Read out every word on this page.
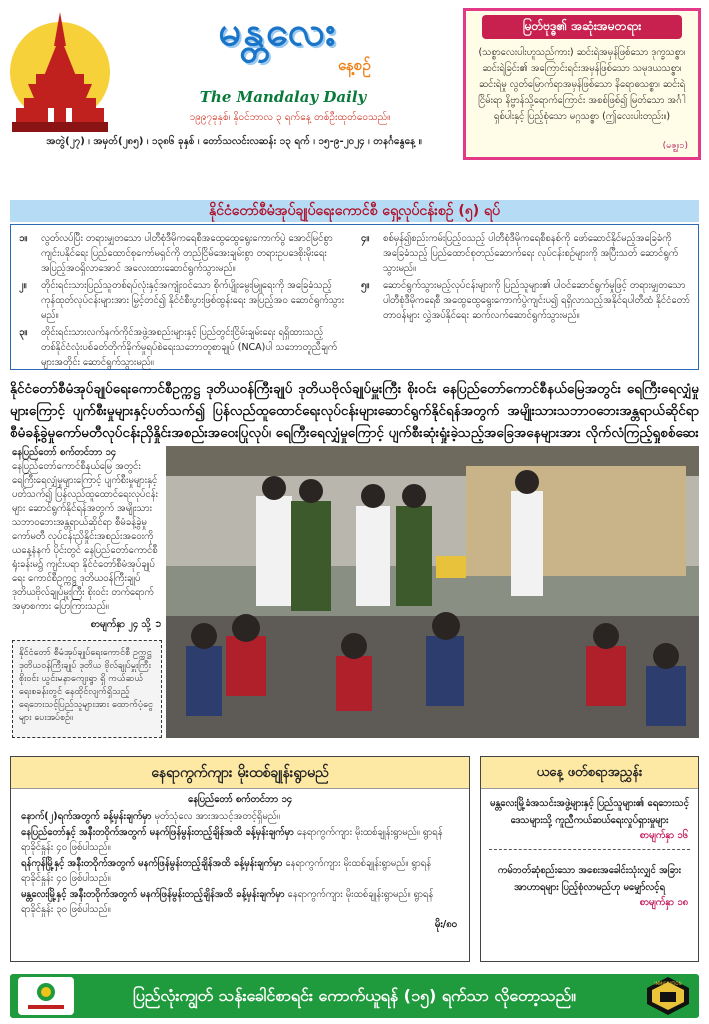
မန္တလေး
နေ့စဉ်
The Mandalay Daily
၁၉၉၇ခုနှစ်၊ နိုဝင်ဘာလ ၃ ရက်နေ့ တစ်ဦးထုတ်ဝေသည်။
အတွဲ(၂၇) ၊ အမှတ်(၂၈၅) ၊ ၁၃၈၆ ခုနှစ် ၊ တော်သလင်းလဆန်း ၁၃ ရက် ၊ ၁၅-၉-၂၀၂၄ ၊ တနင်္ဂနွေနေ့ ။
မြတ်ဗုဒ္ဓ၏ အဆုံးအမတရား
(သစ္စာလေးပါးဟူသည်ကား) ဆင်းရဲအမှန်ဖြစ်သော ဒုက္ခသစ္စာ၊ ဆင်းရဲခြင်း၏ အကြောင်းရင်းအမှန်ဖြစ်သော သမုဒယသစ္စာ၊ ဆင်းရဲမှု လွတ်မြောက်ရာအမှန်ဖြစ်သော နိရောဓသစ္စာ၊ ဆင်းရဲငြိမ်းရာ နိဗ္ဗာန်သို့ရောက်ကြောင်း အစစ်ဖြစ်၍ မြတ်သော အင်္ဂါရှစ်ပါးနှင့် ပြည့်စုံသော မဂ္ဂသစ္စာ (ဤလေးပါးတည်း။)
(မဇ္ဈ၊၁)
နိုင်ငံတော်စီမံအုပ်ချုပ်ရေးကောင်စီ ရှေ့လုပ်ငန်းစဉ် (၅) ရပ်

၁။	လွတ်လပ်ပြီး တရားမျှတသော ပါတီစုံဒီမိုကရေစီအထွေထွေရွေးကောက်ပွဲ အောင်မြင်စွာ ကျင်းပနိုင်ရေး ပြည်ထောင်စုကော်မရှင်ကို တည်ငြိမ်အေးချမ်းစွာ တရားဥပဒေစိုးမိုးရေး အပြည့်အဝရှိလာအောင် အလေးထားဆောင်ရွက်သွားမည်။

၂။	တိုင်းရင်းသားပြည်သူတစ်ရပ်လုံးနှင့်အကျုံးဝင်သော စိုက်ပျိုးမွေးမြူရေးကို အခြေခံသည့် ကုန်ထုတ်လုပ်ငန်းများအား မြှင့်တင်၍ နိုင်ငံစီးပွားဖြစ်ထွန်းရေး အပြည့်အဝ ဆောင်ရွက်သွားမည်။

၃။	တိုင်းရင်းသားလက်နက်ကိုင်အဖွဲ့အစည်းများနှင့် ပြည်တွင်းငြိမ်းချမ်းရေး ရရှိထားသည့် တစ်နိုင်ငံလုံးပစ်ခတ်တိုက်ခိုက်မှုရပ်စဲရေးသဘောတူစာချုပ် (NCA)ပါ သဘောတူညီချက်များအတိုင်း ဆောင်ရွက်သွားမည်။

၄။	စစ်မှန်၍စည်းကမ်းပြည့်ဝသည့် ပါတီစုံဒီမိုကရေစီစနစ်ကို ဖော်ဆောင်နိုင်မည့်အခြေခံကို အခြေခံသည့် ပြည်ထောင်စုတည်ဆောက်ရေး လုပ်ငန်းစဉ်များကို အပြီးသတ် ဆောင်ရွက်သွားမည်။

၅။	ဆောင်ရွက်သွားမည့်လုပ်ငန်းများကို ပြည်သူများ၏ ပါဝင်ဆောင်ရွက်မှုဖြင့် တရားမျှတသော ပါတီစုံဒီမိုကရေစီ အထွေထွေရွေးကောက်ပွဲကျင်းပ၍ ရရှိလာသည့်အနိုင်ရပါတီထံ နိုင်ငံတော်တာဝန်များ လွှဲအပ်နိုင်ရေး ဆက်လက်ဆောင်ရွက်သွားမည်။

နိုင်ငံတော်စီမံအုပ်ချုပ်ရေးကောင်စီဥက္ကဋ္ဌ ဒုတိယဝန်ကြီးချုပ် ဒုတိယဗိုလ်ချုပ်မှူးကြီး စိုးဝင်း နေပြည်တော်ကောင်စီနယ်မြေအတွင်း ရေကြီးရေလျှံမှုများကြောင့် ပျက်စီးမှုများနှင့်ပတ်သက်၍ ပြန်လည်ထူထောင်ရေးလုပ်ငန်းများဆောင်ရွက်နိုင်ရန်အတွက် အမျိုးသားသဘာဝဘေးအန္တရာယ်ဆိုင်ရာ စီမံခန့်ခွဲမှုကော်မတီလုပ်ငန်းညှိနှိုင်းအစည်းအဝေးပြုလုပ်၊ ရေကြီးရေလျှံမှုကြောင့် ပျက်စီးဆုံးရှုံးခဲ့သည့်အခြေအနေများအား လိုက်လံကြည့်ရှုစစ်ဆေး
နေပြည်တော် စက်တင်ဘာ ၁၄ နေပြည်တော်ကောင်စီနယ်မြေ အတွင်း ရေကြီးရေလျှံမှုများကြောင့် ပျက်စီးမှုများနှင့်ပတ်သက်၍ ပြန်လည်ထူထောင်ရေးလုပ်ငန်းများ ဆောင်ရွက်နိုင်ရန်အတွက် အမျိုးသားသဘာဝဘေးအန္တရာယ်ဆိုင်ရာ စီမံခန့်ခွဲမှုကော်မတီ လုပ်ငန်းညှိနှိုင်းအစည်းအဝေးကို ယနေ့နံနက် ပိုင်းတွင် နေပြည်တော်ကောင်စီရုံးခန်းမ၌ ကျင်းပရာ နိုင်ငံတော်စီမံအုပ်ချုပ်ရေး ကောင်စီဥက္ကဋ္ဌ ဒုတိယဝန်ကြီးချုပ် ဒုတိယဗိုလ်ချုပ်မှူးကြီး စိုးဝင်း တက်ရောက်အမှာစကား ပြောကြားသည်။
စာမျက်နှာ ၂၄ သို့ ➲
နိုင်ငံတော် စီမံအုပ်ချုပ်ရေးကောင်စီ ဥက္ကဋ္ဌ ဒုတိယဝန်ကြီးချုပ် ဒုတိယ ဗိုလ်ချုပ်မှူးကြီး စိုးဝင်း ယွင်းမနာကျေးရွာ ရှိ ကယ်ဆယ်ရေးစခန်းတွင် နေထိုင်လျက်ရှိသည့် ရေဘေးသင့်ပြည်သူများအား ထောက်ပံ့ငွေများ ပေးအပ်စဉ်။
နေရာကွက်ကျား မိုးထစ်ချုန်းရွာမည်
နေပြည်တော် စက်တင်ဘာ ၁၄

နောက်(၂)ရက်အတွက် ခန့်မှန်းချက်မှာ မုတ်သုံလေ အားအသင့်အတင့်ရှိမည်။

နေပြည်တော်နှင့် အနီးတဝိုက်အတွက် မနက်ဖြန်မွန်းတည့်ချိန်အထိ ခန့်မှန်းချက်မှာ နေရာကွက်ကျား မိုးထစ်ချုန်းရွာမည်။ ရွာရန်ရာခိုင်နှုန်း ၄၀ ဖြစ်ပါသည်။

ရန်ကုန်မြို့နှင့် အနီးတဝိုက်အတွက် မနက်ဖြန်မွန်းတည့်ချိန်အထိ ခန့်မှန်းချက်မှာ နေရာကွက်ကျား မိုးထစ်ချုန်းရွာမည်။ ရွာရန်ရာခိုင်နှုန်း ၄၀ ဖြစ်ပါသည်။

မန္တလေးမြို့နှင့် အနီးတဝိုက်အတွက် မနက်ဖြန်မွန်းတည့်ချိန်အထိ ခန့်မှန်းချက်မှာ နေရာကွက်ကျား မိုးထစ်ချုန်းရွာမည်။ ရွာရန်ရာခိုင်နှုန်း ၃၀ ဖြစ်ပါသည်။

မိုး/၈၀
ယနေ့ ဖတ်စရာအညွှန်း
မန္တလေးမြို့ခံအသင်းအဖွဲ့များနှင့် ပြည်သူများ၏ ရေဘေးသင့်ဒေသများသို့ ကူညီကယ်ဆယ်ရေးလှုပ်ရှားမှုများ
စာမျက်နှာ ၁၆
ကမ်ဘတ်ဆုံစည်းသော အစေးအခေါင်းသုံးလျှင် အခြားအာဟာရများ ပြည့်စုံလာမည်ဟု မမျှော်လင့်ရ
စာမျက်နှာ ၁၈
ပြည်လုံးကျွတ် သန်းခေါင်စာရင်း ကောက်ယူရန် (၁၅) ရက်သာ လိုတော့သည်။
IMMIGRATION
